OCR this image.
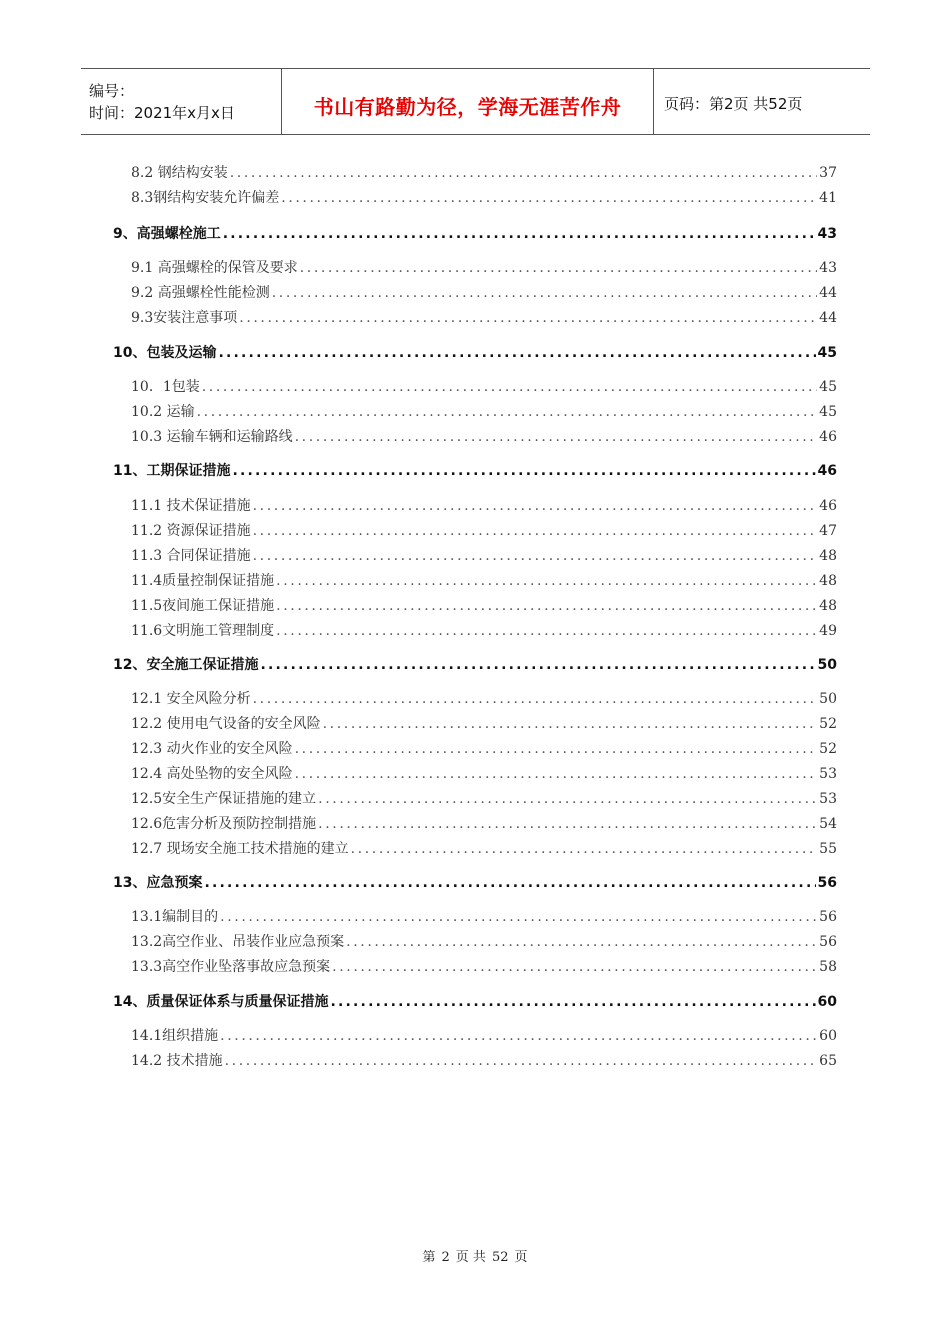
编号：
时间：2021年x月x日	书山有路勤为径，学海无涯苦作舟	页码：第2页 共52页
8.2 钢结构安装 .....	37
8.3钢结构安装允许偏差 .....	41
9、高强螺栓施工 .....	43
9.1 高强螺栓的保管及要求 .....	43
9.2 高强螺栓性能检测 .....	44
9.3安装注意事项 .....	44
10、包装及运输 .....	45
10．1包装 .....	45
10.2 运输 .....	45
10.3 运输车辆和运输路线 .....	46
11、工期保证措施 .....	46
11.1 技术保证措施 .....	46
11.2 资源保证措施 .....	47
11.3 合同保证措施 .....	48
11.4质量控制保证措施 .....	48
11.5夜间施工保证措施 .....	48
11.6文明施工管理制度 .....	49
12、安全施工保证措施 .....	50
12.1 安全风险分析 .....	50
12.2 使用电气设备的安全风险 .....	52
12.3 动火作业的安全风险 .....	52
12.4 高处坠物的安全风险 .....	53
12.5安全生产保证措施的建立 .....	53
12.6危害分析及预防控制措施 .....	54
12.7 现场安全施工技术措施的建立 .....	55
13、应急预案 .....	56
13.1编制目的 .....	56
13.2高空作业、吊装作业应急预案 .....	56
13.3高空作业坠落事故应急预案 .....	58
14、质量保证体系与质量保证措施 .....	60
14.1组织措施 .....	60
14.2 技术措施 .....	65
第 2 页 共 52 页
